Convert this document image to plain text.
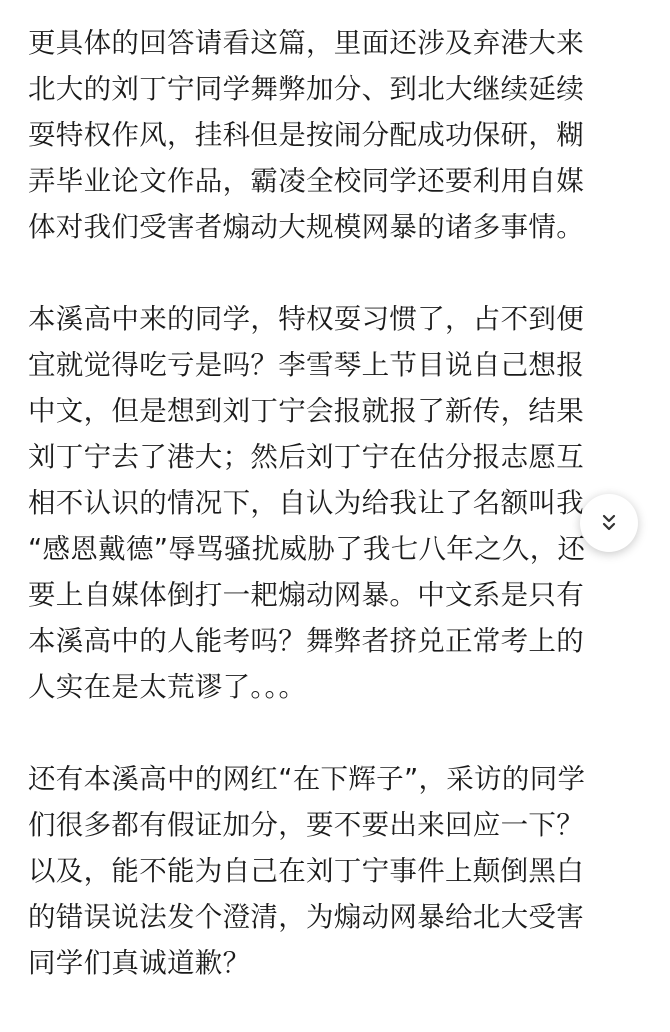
更具体的回答请看这篇，里面还涉及弃港大来

北大的刘丁宁同学舞弊加分、到北大继续延续

耍特权作风，挂科但是按闹分配成功保研，糊

弄毕业论文作品，霸凌全校同学还要利用自媒

体对我们受害者煽动大规模网暴的诸多事情。

本溪高中来的同学，特权耍习惯了，占不到便

宜就觉得吃亏是吗？李雪琴上节目说自己想报

中文，但是想到刘丁宁会报就报了新传，结果

刘丁宁去了港大；然后刘丁宁在估分报志愿互

相不认识的情况下，自认为给我让了名额叫我

“感恩戴德”辱骂骚扰威胁了我七八年之久，还

要上自媒体倒打一耙煽动网暴。中文系是只有

本溪高中的人能考吗？舞弊者挤兑正常考上的

人实在是太荒谬了。。。

还有本溪高中的网红“在下辉子”，采访的同学

们很多都有假证加分，要不要出来回应一下？

以及，能不能为自己在刘丁宁事件上颠倒黑白

的错误说法发个澄清，为煽动网暴给北大受害

同学们真诚道歉？
